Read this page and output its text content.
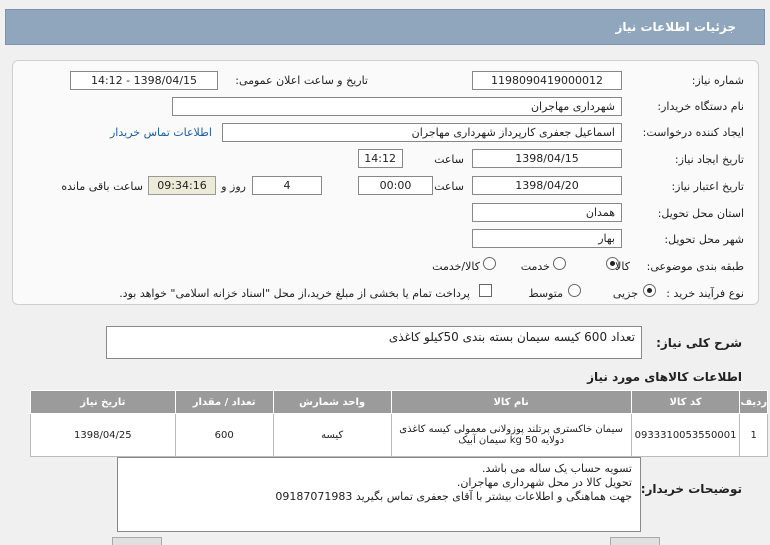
جزئیات اطلاعات نیاز
شماره نیاز:
1198090419000012
تاریخ و ساعت اعلان عمومی:
1398/04/15 - 14:12
نام دستگاه خریدار:
شهرداری مهاجران
ایجاد کننده درخواست:
اسماعیل جعفری کارپرداز شهرداری مهاجران
اطلاعات تماس خریدار
تاریخ ایجاد نیاز:
1398/04/15
ساعت
14:12
تاریخ اعتبار نیاز:
1398/04/20
ساعت
00:00
4
روز و
09:34:16
ساعت باقی مانده
استان محل تحویل:
همدان
شهر محل تحویل:
بهار
طبقه بندی موضوعی:
کالا
خدمت
کالا/خدمت
نوع فرآیند خرید :
جزیی
متوسط
پرداخت تمام یا بخشی از مبلغ خرید،از محل "اسناد خزانه اسلامی" خواهد بود.
شرح کلی نیاز:
تعداد 600 کیسه سیمان بسته بندی 50کیلو کاغذی
اطلاعات کالاهای مورد نیاز
ردیف	کد کالا	نام کالا	واحد شمارش	تعداد / مقدار	تاریخ نیاز
1	0933310053550001	سیمان خاکستری پرتلند پوزولانی معمولی کیسه کاغذی
دولایه 50 kg سیمان آبیک	کیسه	600	1398/04/25
توضیحات خریدار:
تسویه حساب یک ساله می باشد.
تحویل کالا در محل شهرداری مهاجران.
جهت هماهنگی و اطلاعات بیشتر با آقای جعفری تماس بگیرید 09187071983
